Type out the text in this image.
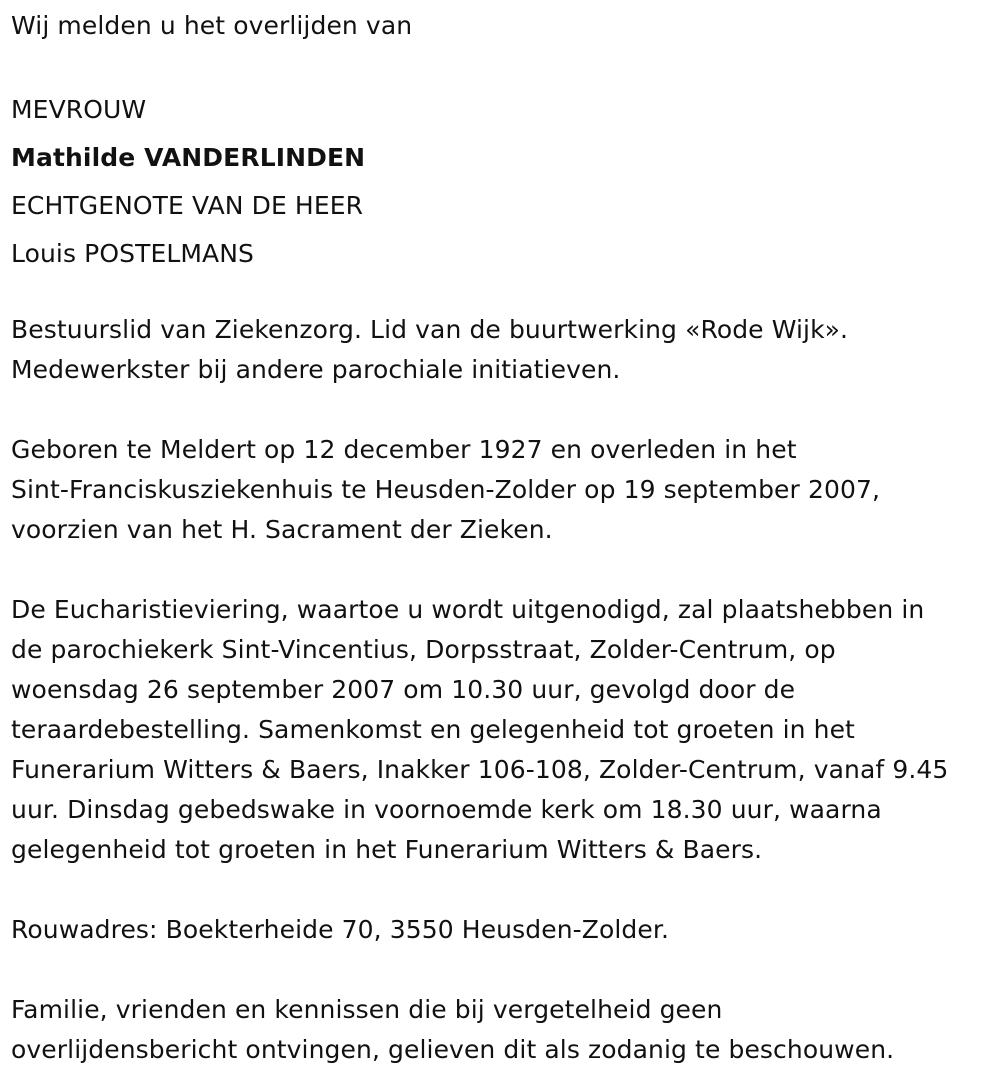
Wij melden u het overlijden van
MEVROUW
Mathilde VANDERLINDEN
ECHTGENOTE VAN DE HEER
Louis POSTELMANS
Bestuurslid van Ziekenzorg. Lid van de buurtwerking «Rode Wijk».
Medewerkster bij andere parochiale initiatieven.
Geboren te Meldert op 12 december 1927 en overleden in het
Sint-Franciskusziekenhuis te Heusden-Zolder op 19 september 2007,
voorzien van het H. Sacrament der Zieken.
De Eucharistieviering, waartoe u wordt uitgenodigd, zal plaatshebben in
de parochiekerk Sint-Vincentius, Dorpsstraat, Zolder-Centrum, op
woensdag 26 september 2007 om 10.30 uur, gevolgd door de
teraardebestelling. Samenkomst en gelegenheid tot groeten in het
Funerarium Witters & Baers, Inakker 106-108, Zolder-Centrum, vanaf 9.45
uur. Dinsdag gebedswake in voornoemde kerk om 18.30 uur, waarna
gelegenheid tot groeten in het Funerarium Witters & Baers.
Rouwadres: Boekterheide 70, 3550 Heusden-Zolder.
Familie, vrienden en kennissen die bij vergetelheid geen
overlijdensbericht ontvingen, gelieven dit als zodanig te beschouwen.
